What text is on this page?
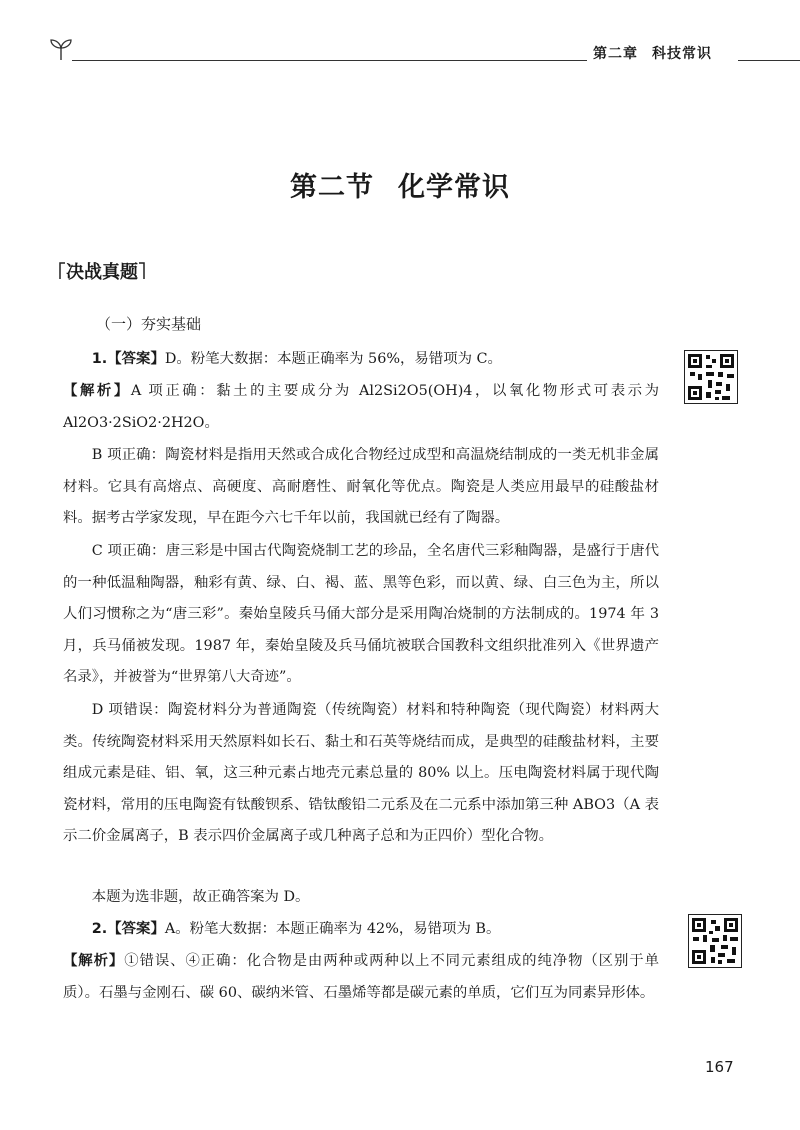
第二章 科技常识
第二节 化学常识
决战真题
（一）夯实基础
1.【答案】D。粉笔大数据：本题正确率为 56%，易错项为 C。
【解析】A 项正确：黏土的主要成分为 Al2Si2O5(OH)4，以氧化物形式可表示为 Al2O3·2SiO2·2H2O。
B 项正确：陶瓷材料是指用天然或合成化合物经过成型和高温烧结制成的一类无机非金属材料。它具有高熔点、高硬度、高耐磨性、耐氧化等优点。陶瓷是人类应用最早的硅酸盐材料。据考古学家发现，早在距今六七千年以前，我国就已经有了陶器。
C 项正确：唐三彩是中国古代陶瓷烧制工艺的珍品，全名唐代三彩釉陶器，是盛行于唐代的一种低温釉陶器，釉彩有黄、绿、白、褐、蓝、黑等色彩，而以黄、绿、白三色为主，所以人们习惯称之为“唐三彩”。秦始皇陵兵马俑大部分是采用陶冶烧制的方法制成的。1974 年 3 月，兵马俑被发现。1987 年，秦始皇陵及兵马俑坑被联合国教科文组织批准列入《世界遗产名录》，并被誉为“世界第八大奇迹”。
D 项错误：陶瓷材料分为普通陶瓷（传统陶瓷）材料和特种陶瓷（现代陶瓷）材料两大类。传统陶瓷材料采用天然原料如长石、黏土和石英等烧结而成，是典型的硅酸盐材料，主要组成元素是硅、铝、氧，这三种元素占地壳元素总量的 80% 以上。压电陶瓷材料属于现代陶瓷材料，常用的压电陶瓷有钛酸钡系、锆钛酸铅二元系及在二元系中添加第三种 ABO3（A 表示二价金属离子，B 表示四价金属离子或几种离子总和为正四价）型化合物。
本题为选非题，故正确答案为 D。
2.【答案】A。粉笔大数据：本题正确率为 42%，易错项为 B。
【解析】①错误、④正确：化合物是由两种或两种以上不同元素组成的纯净物（区别于单质）。石墨与金刚石、碳 60、碳纳米管、石墨烯等都是碳元素的单质，它们互为同素异形体。
167
